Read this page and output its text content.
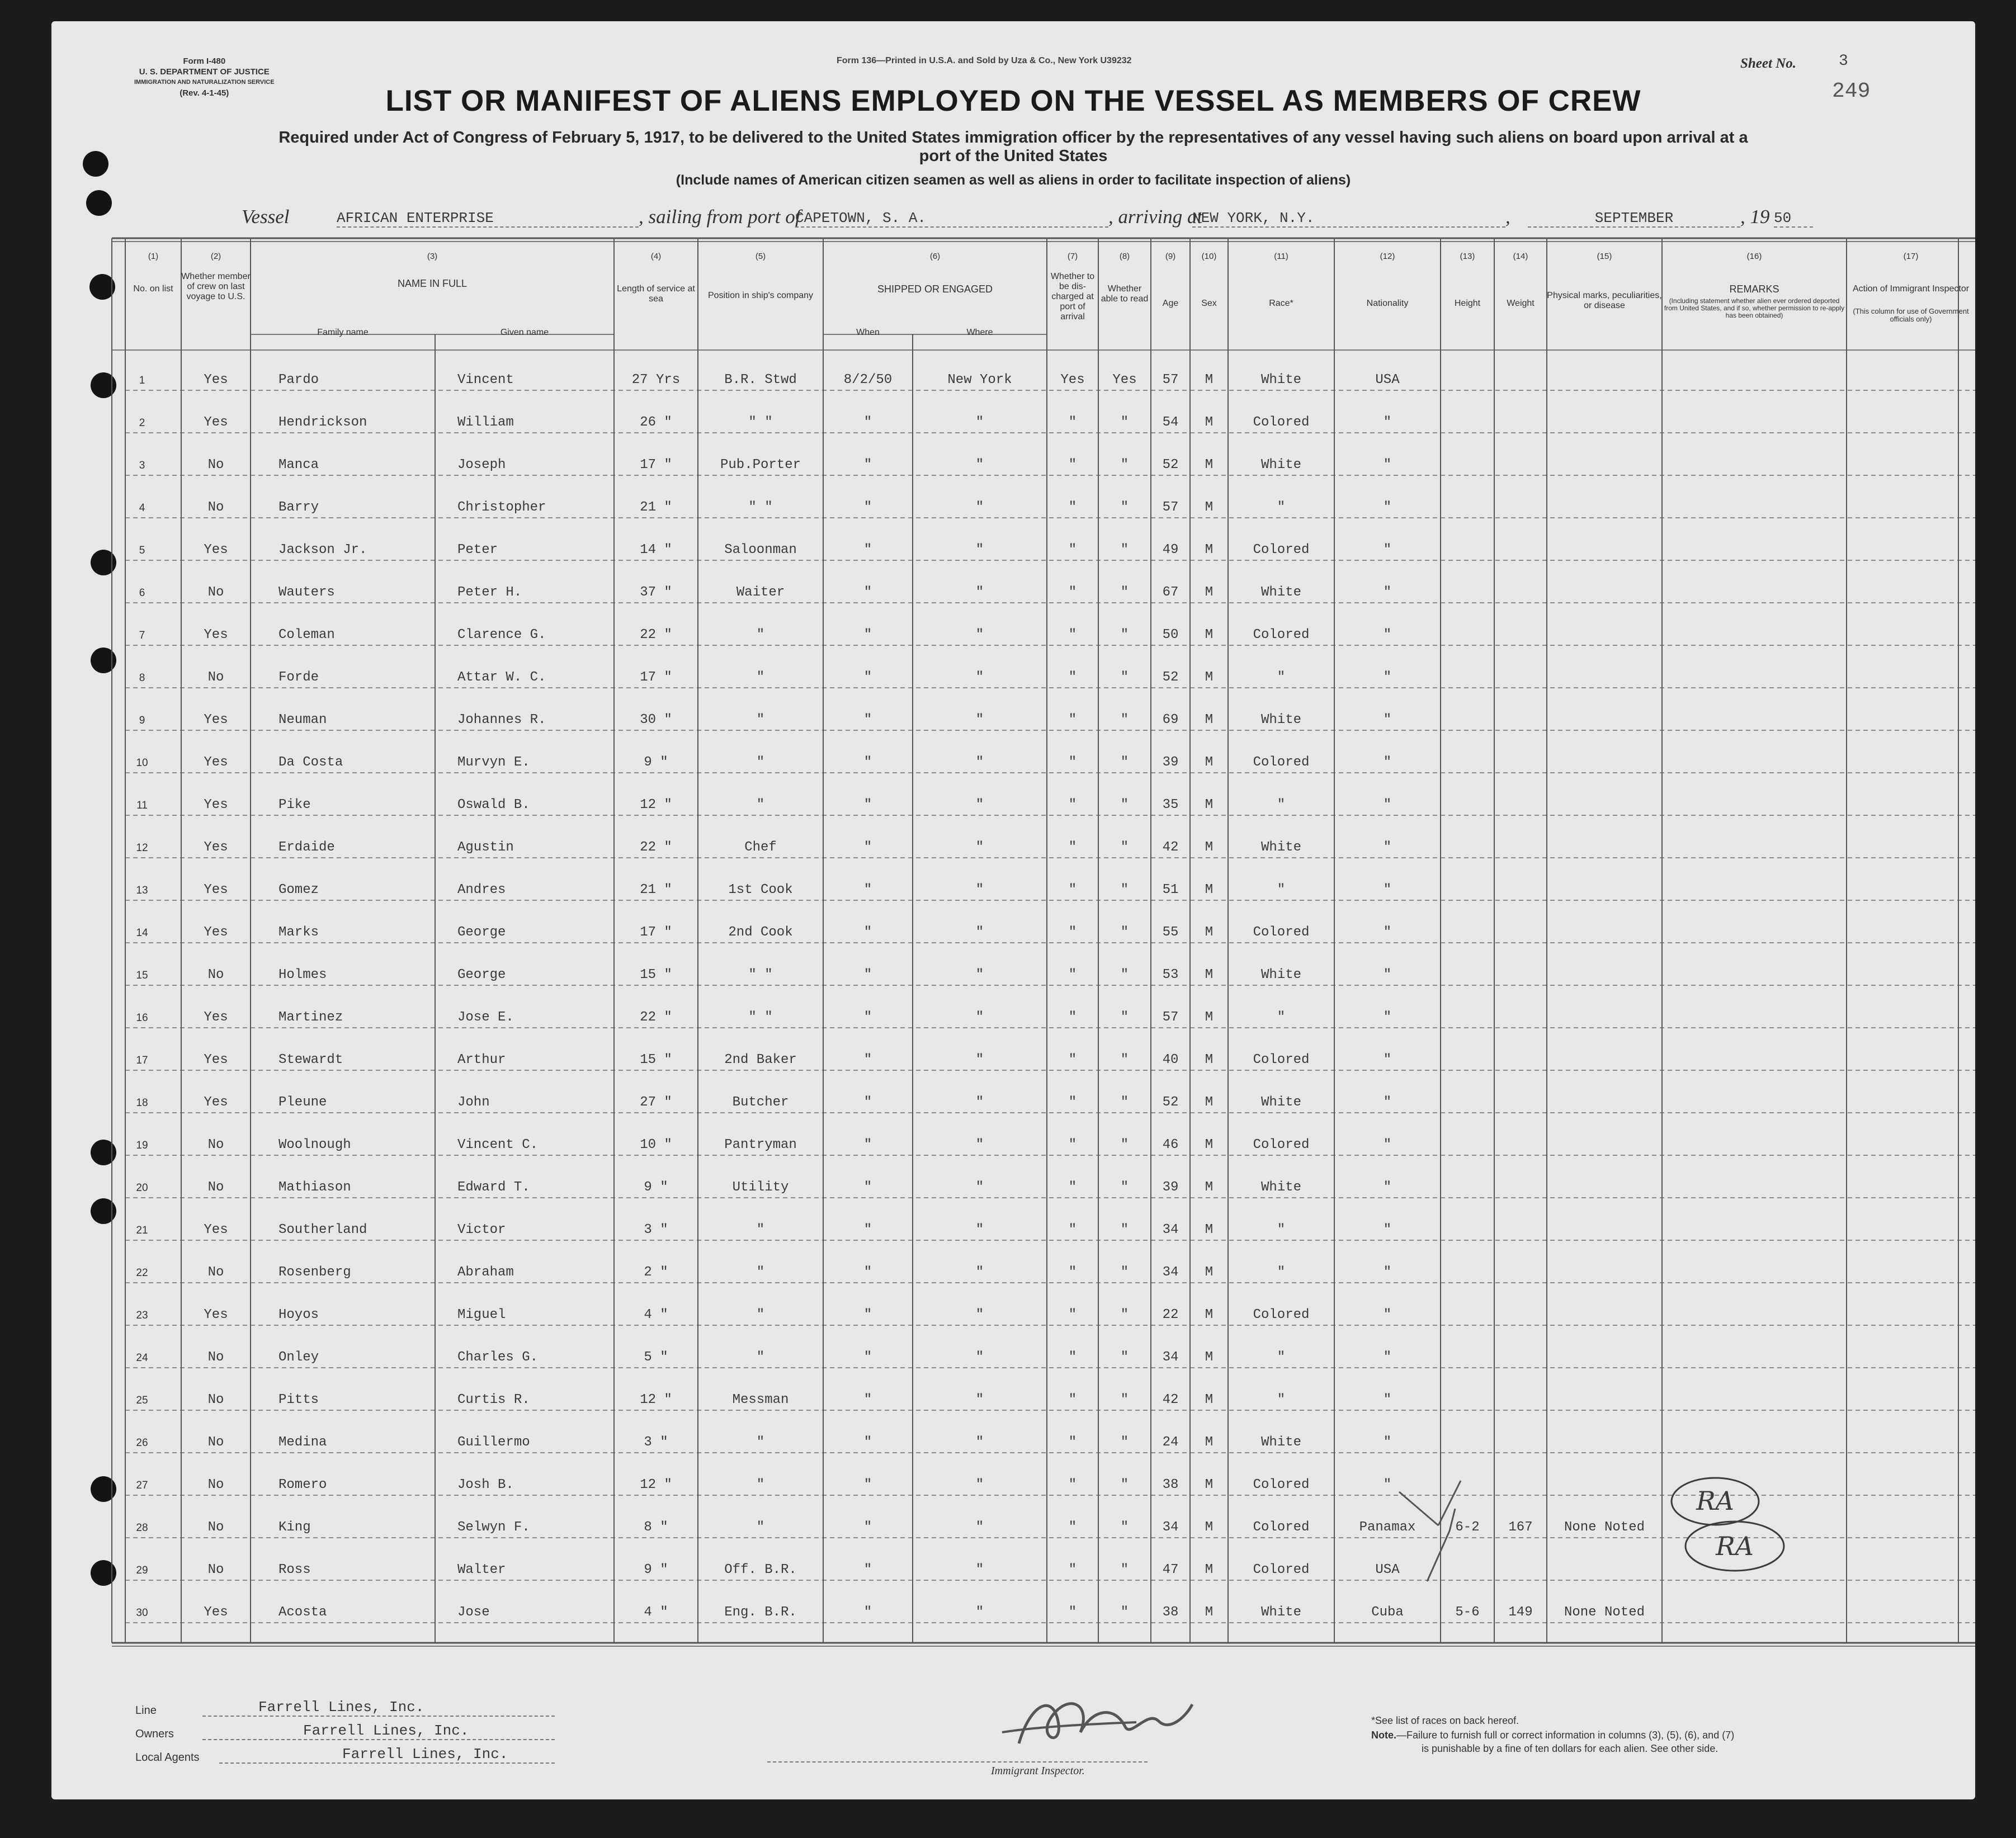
Form I-480
U. S. DEPARTMENT OF JUSTICE
IMMIGRATION AND NATURALIZATION SERVICE
(Rev. 4-1-45)
Form 136—Printed in U.S.A. and Sold by Uza & Co., New York U39232	Sheet No.	3
249
LIST OR MANIFEST OF ALIENS EMPLOYED ON THE VESSEL AS MEMBERS OF CREW
Required under Act of Congress of February 5, 1917, to be delivered to the United States immigration officer by the representatives of any vessel having such aliens on board upon arrival at a
port of the United States
(Include names of American citizen seamen as well as aliens in order to facilitate inspection of aliens)
Vessel	AFRICAN ENTERPRISE	, sailing from port of
CAPETOWN, S. A.	, arriving at
NEW YORK, N.Y.	,	SEPTEMBER	, 19 50
No. on list
Whether member of crew on last voyage to U.S.
NAME IN FULL
Family name	Given name
Length of service at sea	Position in ship's company
SHIPPED OR ENGAGED
When	Where
Whether to be dis-charged at port of arrival
Whether able to read	Age	Sex	Race*	Nationality	Height	Weight
Physical marks, peculiarities, or disease
REMARKS
(Including statement whether alien ever ordered deported from United States, and if so, whether permission to re-apply has been obtained)
Action of Immigrant Inspector
(This column for use of Government officials only)
(1)	(2)	(3)	(4)	(5)	(6)	(7)	(8)	(9)	(10)	(11)	(12)	(13)	(14)	(15)	(16)	(17)
1	Yes	Pardo	Vincent	27 Yrs	B.R. Stwd	8/2/50	New York	Yes	Yes	57	M	White	USA
2	Yes	Hendrickson	William	26 "	" "	"	"	"	"	54	M	Colored	"
3	No	Manca	Joseph	17 "	Pub.Porter	"	"	"	"	52	M	White	"
4	No	Barry	Christopher	21 "	" "	"	"	"	"	57	M	"	"
5	Yes	Jackson Jr.	Peter	14 "	Saloonman	"	"	"	"	49	M	Colored	"
6	No	Wauters	Peter H.	37 "	Waiter	"	"	"	"	67	M	White	"
7	Yes	Coleman	Clarence G.	22 "	"	"	"	"	"	50	M	Colored	"
8	No	Forde	Attar W. C.	17 "	"	"	"	"	"	52	M	"	"
9	Yes	Neuman	Johannes R.	30 "	"	"	"	"	"	69	M	White	"
10	Yes	Da Costa	Murvyn E.	9 "	"	"	"	"	"	39	M	Colored	"
11	Yes	Pike	Oswald B.	12 "	"	"	"	"	"	35	M	"	"
12	Yes	Erdaide	Agustin	22 "	Chef	"	"	"	"	42	M	White	"
13	Yes	Gomez	Andres	21 "	1st Cook	"	"	"	"	51	M	"	"
14	Yes	Marks	George	17 "	2nd Cook	"	"	"	"	55	M	Colored	"
15	No	Holmes	George	15 "	" "	"	"	"	"	53	M	White	"
16	Yes	Martinez	Jose E.	22 "	" "	"	"	"	"	57	M	"	"
17	Yes	Stewardt	Arthur	15 "	2nd Baker	"	"	"	"	40	M	Colored	"
18	Yes	Pleune	John	27 "	Butcher	"	"	"	"	52	M	White	"
19	No	Woolnough	Vincent C.	10 "	Pantryman	"	"	"	"	46	M	Colored	"
20	No	Mathiason	Edward T.	9 "	Utility	"	"	"	"	39	M	White	"
21	Yes	Southerland	Victor	3 "	"	"	"	"	"	34	M	"	"
22	No	Rosenberg	Abraham	2 "	"	"	"	"	"	34	M	"	"
23	Yes	Hoyos	Miguel	4 "	"	"	"	"	"	22	M	Colored	"
24	No	Onley	Charles G.	5 "	"	"	"	"	"	34	M	"	"
25	No	Pitts	Curtis R.	12 "	Messman	"	"	"	"	42	M	"	"
26	No	Medina	Guillermo	3 "	"	"	"	"	"	24	M	White	"
27	No	Romero	Josh B.	12 "	"	"	"	"	"	38	M	Colored	"
28	No	King	Selwyn F.	8 "	"	"	"	"	"	34	M	Colored	Panamax	6-2	167	None Noted
29	No	Ross	Walter	9 "	Off. B.R.	"	"	"	"	47	M	Colored	USA
30	Yes	Acosta	Jose	4 "	Eng. B.R.	"	"	"	"	38	M	White	Cuba	5-6	149	None Noted
RA
RA
Line	Farrell Lines, Inc.
Owners	Farrell Lines, Inc.
Local Agents	Farrell Lines, Inc.
Immigrant Inspector.
*See list of races on back hereof.
Note.—Failure to furnish full or correct information in columns (3), (5), (6), and (7)
is punishable by a fine of ten dollars for each alien. See other side.
